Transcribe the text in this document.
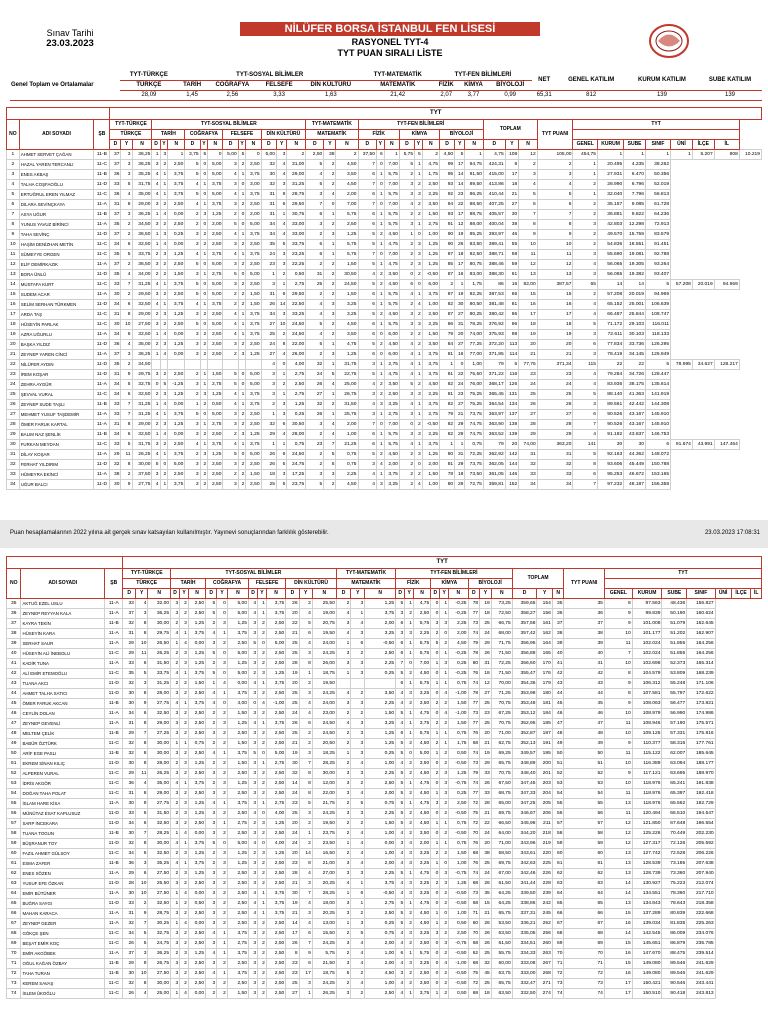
Sınav Tarihi
23.03.2023
NİLÜFER BORSA İSTANBUL FEN LİSESİ
RASYONEL TYT-4
TYT PUAN SIRALI LİSTE
Genel Toplam ve Ortalamalar	TYT-TÜRKÇE	TYT-SOSYAL BİLİMLER				TYT-MATEMATİK	TYT-FEN BİLİMLERİ			NET	GENEL KATILIM	KURUM KATILIM	SUBE KATILIM
	TÜRKÇE	TARİH	COĞRAFYA	FELSEFE	DİN KÜLTÜRÜ	MATEMATİK	FİZİK	KİMYA	BİYOLOJİ				
	28,09	1,45	2,56	3,33	1,63	21,42	2,07	3,77	0,99	65,31	812	139	139
			TYT																																						
NO	ADI SOYADI	ŞB	TYT-TÜRKÇE			TYT-SOSYAL BİLİMLER												TYT-MATEMATİK			TYT-FEN BİLİMLERİ									TOPLAM			TYT PUANI	TYT							
			TÜRKÇE			TARİH			COĞRAFYA			FELSEFE			DİN KÜLTÜRÜ			MATEMATİK			FİZİK			KİMYA			BİYOLOJİ														
			D	Y	N	D	Y	N	D	Y	N	D	Y	N	D	Y	N	D	Y	N	D	Y	N	D	Y	N	D	Y	N	D	Y	N		GENEL	KURUM	SUBE	SINIF	ÜNİ	İLÇE	İL	
1	AHMET SERVET ÇAĞAN	11-B	37	3	36,25	1	3	1	3,75	5	0	5,00	5	0	5,00	3	2	2,50	38	2	37,50	6	1	5,75	5	2	4,50	5	1	4,75	108	12	105,00	454,75	1	1	1	1	5.207	808	10.219
2	HAZAL YAREN TERCANLI	11-C	37	3	36,25	3	2	2,50	5	0	5,00	3	2	2,50	32	4	31,00	5	2	4,50	7	0	7,00	5	1	4,75	99	17	94,75	424,31	8	2	2	1	20.495	4.235	38.262				
3	ENES AKBAŞ	11-B	36	3	35,25	4	1	3,75	5	0	5,00	4	1	3,75	30	4	29,00	4	2	3,50	6	1	5,75	2	1	1,75	95	14	91,50	415,00	17	3	3	1	27.931	6.470	50.356				
4	TALHA COŞFAOĞLU	11-D	33	5	31,75	4	1	3,75	4	1	3,75	3	0	3,00	32	3	31,25	5	2	4,50	7	0	7,00	3	2	2,50	93	14	89,50	413,86	18	4	4	2	28.990	6.796	52.019				
5	ERTUĞRUL EREN YILMAZ	11-C	36	4	35,00	4	1	3,75	5	0	5,00	4	1	3,75	31	9	28,75	3	4	2,00	6	1	5,75	3	3	2,25	92	23	86,25	410,44	21	5	5	1	32.040	7.796	56.813				
6	DILARA SEVİNÇKAYA	11-A	31	8	29,00	3	2	2,50	4	1	3,75	3	2	2,50	31	6	29,50	7	0	7,00	7	0	7,00	4	2	3,50	94	22	88,50	407,25	27	6	6	2	35.157	9.085	61.728				
7	ASYA UĞUR	11-B	37	3	36,25	1	4	0,00	2	3	1,25	2	0	2,00	31	1	30,75	6	1	5,75	6	1	5,75	2	2	1,50	93	17	88,75	405,57	30	7	7	2	36.881	9.822	64.236				
8	YUNUS YAVUZ BİRİNCİ	11-A	35	2	34,50	3	2	2,50	2	0	2,00	5	0	5,00	34	4	33,00	3	2	2,50	6	1	5,75	3	1	2,75	91	12	88,00	400,04	38	8	8	3	42.803	12.298	72.913				
9	TAHA SEVİNÇ	11-D	37	2	36,50	1	3	0,25	3	2	2,50	4	1	3,75	34	4	33,00	2	3	1,25	5	2	4,50	1	0	1,00	90	19	85,25	393,97	46	9	9	2	49.570	15.759	83.579				
10	HAŞİM DENİZHAN METİN	11-C	34	6	32,50	1	4	0,00	3	2	2,50	3	2	2,50	35	5	33,75	6	1	5,75	5	1	4,75	2	3	1,25	90	26	83,50	389,41	55	10	10	2	54.836	18.551	91.451				
11	SÜMEYYE ORGEN	11-C	35	5	33,75	2	3	1,25	4	1	3,75	4	1	3,75	24	3	23,25	6	1	5,75	7	0	7,00	2	3	1,25	87	18	82,50	388,71	58	11	11	3	55.690	19.081	92.788				
12	ELİF DEMİRKAZIK	11-A	37	2	36,50	3	2	2,50	5	0	5,00	3	2	2,50	23	3	22,25	2	2	1,50	5	1	4,75	2	3	1,25	85	17	80,75	388,46	59	12	12	4	56.065	19.305	93.264				
13	BORA ÜNLÜ	11-D	35	4	34,00	2	2	1,50	3	1	2,75	5	0	5,00	1	2	0,50	31	2	30,50	4	2	3,50	0	2	-0,50	87	16	83,00	388,30	61	13	13	3	56.065	19.382	93.407				
14	MUSTAFA KURT	11-C	33	7	31,25	4	1	3,75	5	0	5,00	3	2	2,50	3	1	2,75	25	2	24,50	5	2	4,50	6	0	6,00	2	1	1,75	86	16	82,00	387,57	65	14	14	5	57.208	20.019	94.969	
15	SUDEM ACAR	11-A	30	2	29,50	3	2	2,50	5	0	5,00	2	2	1,50	31	6	29,50	2	2	1,50	6	1	5,75	4	1	3,75	87	19	82,25	387,53	66	15	15	2	57.208	20.019	94.969				
16	SELİM SERHAN TÜRKMEN	11-D	34	6	32,50	4	1	3,75	4	1	3,75	2	2	1,50	26	14	22,50	4	3	3,25	6	1	5,75	2	4	1,00	82	30	80,50	381,48	81	16	16	4	65.152	25.001	106.639				
17	ARDA TAŞ	11-C	31	8	29,00	2	3	1,25	3	2	2,50	4	1	3,75	34	3	33,25	4	3	3,25	5	2	4,50	3	2	2,50	87	27	80,25	380,42	86	17	17	4	66.487	25.844	108.747				
18	HÜSEYİN PARLAK	11-C	30	10	27,50	3	2	2,50	5	0	5,00	4	1	3,75	27	10	24,50	5	2	4,50	6	1	5,75	3	3	2,25	86	31	78,25	376,92	96	18	18	5	71.172	29.103	116.011				
19	AZRA UĞURLU	11-A	34	6	32,50	1	4	0,00	3	2	2,50	4	1	3,75	25	2	24,50	4	2	3,50	6	0	6,00	2	2	1,50	79	20	74,00	375,93	98	19	19	3	72.611	30.103	118.133				
20	BAŞKA YILDIZ	11-D	36	4	35,00	2	3	1,25	3	2	2,50	3	2	2,50	24	8	22,00	5	1	4,75	5	2	4,50	4	2	3,50	84	27	77,25	372,20	113	20	20	6	77.834	33.736	126.295				
21	ZEYNEP YAREN CİNCİ	11-A	37	3	36,25	1	4	0,00	3	2	2,50	2	3	1,25	27	4	26,00	2	3	1,25	6	0	6,00	4	1	3,75	81	16	77,00	371,85	114	21	21	3	78.419	34.145	126.949				
22	NİLÜFER AYDIN	11-D	35	2	34,50										4	0	4,00	32	1	31,75	3	1	2,75	4	1	3,75	1	0	1,00	79	5	77,75	371,34	115	22	22	5	78.995	34.627	128.217	
23	İREM KOŞAR	11-D	31	9	29,75	3	2	2,50	2	1	1,50	5	0	5,00	3	1	2,75	24	5	22,75	5	1	4,75	4	1	3,75	81	22	75,50	371,22	116	23	23	4	79.284	34.726	128.447				
24	ZEHRA AYGÜR	11-A	34	5	32,75	0	5	-1,25	3	1	2,75	5	0	5,00	3	2	2,50	26	4	25,00	4	2	3,50	5	2	4,50	82	24	76,00	368,17	126	24	24	4	83.936	38.175	135.614				
25	ŞEVVAL VURAL	11-C	34	6	32,50	2	3	1,25	2	3	1,25	4	1	3,75	3	1	2,75	27	1	26,75	3	2	2,50	3	3	2,25	81	23	75,25	365,45	131	25	25	5	88.140	41.363	141.919				
26	ZEYNEP SUDE TAŞLI	11-B	33	7	31,25	1	4	0,00	1	2	0,50	4	1	3,75	2	3	1,25	32	2	31,50	4	3	3,25	4	1	3,75	82	27	75,25	364,54	134	26	26	3	89.561	42.442	144.308				
27	MEHMET YUSUF TAŞDEMİR	11-A	33	7	31,25	4	1	3,75	5	0	5,00	3	2	2,50	1	3	0,25	26	1	25,75	3	1	2,75	3	1	2,75	79	21	73,75	363,97	137	27	27	6	90.526	43.167	145.910				
28	ÖMER FARUK KARTAL	11-A	31	8	29,00	2	3	1,25	3	1	2,75	3	2	2,50	32	6	30,50	3	4	2,00	7	0	7,00	0	2	-0,50	82	29	74,75	363,90	138	28	28	7	90.526	43.167	145.910				
29	BALIM NAZ ŞENLİK	11-B	34	6	32,50	1	4	0,00	3	2	2,50	2	3	1,25	29	4	28,00	2	4	1,00	6	1	5,75	3	3	2,25	82	29	74,75	363,52	139	29	29	4	91.182	43.637	146.753				
30	FURKAN MEYDAN	11-C	33	5	31,75	3	2	2,50	4	1	3,75	4	1	3,75	1	1	0,75	23	7	21,25	6	1	5,75	4	1	3,75	1	1	0,75	79	20	74,00	363,20	141	30	30	6	91.674	43.991	147.464	
31	DİLAY KOŞAR	11-A	29	11	26,25	4	1	3,75	2	3	1,25	5	0	5,00	26	6	24,50	2	5	0,75	5	2	4,50	2	3	1,25	80	31	72,25	362,92	142	31	31	5	92.163	44.362	148.072				
32	FERHAT YILDIRIM	11-D	32	8	30,00	5	0	5,00	3	2	2,50	3	2	2,50	26	5	24,75	2	5	0,75	3	4	2,00	2	0	2,00	81	29	73,75	362,05	144	32	32	8	93.606	45.449	150.788				
33	HÜMEYRA EKİNCİ	11-A	38	2	37,50	3	2	2,50	3	2	2,50	2	2	1,50	18	3	17,25	3	3	2,25	4	1	3,75	2	2	1,50	78	18	73,50	361,05	146	33	33	6	95.253	46.672	153.165				
34	UĞUR BALCI	11-D	30	9	27,75	4	1	3,75	3	2	2,50	3	2	2,50	25	5	23,75	5	2	4,50	4	3	3,25	2	4	1,00	80	29	72,75	359,81	152	34	34	7	97.232	48.187	156.358				
Puan hesaplamalarının 2022 yılına ait gerçek sınav katsayıları kullanılmıştır. Yayınevi sonuçlarından farklılık gösterebilir.	23.03.2023 17:08:31
			TYT																																					
NO	ADI SOYADI	ŞB	TYT-TÜRKÇE			TYT-SOSYAL BİLİMLER												TYT-MATEMATİK			TYT-FEN BİLİMLERİ									TOPLAM			TYT PUANI	TYT						
			TÜRKÇE			TARİH			COĞRAFYA			FELSEFE			DİN KÜLTÜRÜ			MATEMATİK			FİZİK			KİMYA			BİYOLOJİ													
			D	Y	N	D	Y	N	D	Y	N	D	Y	N	D	Y	N	D	Y	N	D	Y	N	D	Y	N	D	Y	N	D	Y	N		GENEL	KURUM	SUBE	SINIF	ÜNİ	İLÇE	İL
35	AKTUĞ EZEL USLU	11-A	33	4	32,00	3	2	2,50	5	0	5,00	4	1	3,75	26	2	25,50	2	3	1,25	5	1	4,75	0	1	-0,25	78	19	73,25	359,65	154	35	35	8	97.563	48.436	156.827			
36	ZEYNEP REYYAN KALA	11-A	37	3	36,25	3	2	2,50	5	0	5,00	4	1	3,75	20	4	19,00	4	1	3,75	3	2	2,50	0	1	-0,25	77	18	72,50	358,27	156	36	36	9	99.839	50.190	160.624			
37	KAYRA TEKİN	11-B	32	8	30,00	2	3	1,25	2	3	1,25	3	2	2,50	22	5	20,75	3	4	2,00	6	1	5,75	3	3	2,25	73	25	66,75	357,58	161	37	37	9	101.008	51.079	162.645			
38	HÜSEYİN KARA	11-A	31	8	29,75	4	1	3,75	4	1	3,75	3	2	2,50	21	6	19,50	4	3	3,25	3	3	2,25	2	0	2,00	74	24	68,00	357,42	162	38	38	10	101.177	51.202	162.907			
39	SERHAT SAUR	11-A	29	10	26,50	1	4	0,00	3	2	2,50	5	0	5,00	25	4	24,00	1	6	-0,50	6	1	5,75	5	2	4,50	79	29	71,75	356,95	164	39	39	11	102.024	51.855	164.256			
40	HÜSEYİN ALİ İNEBOLU	11-C	29	11	26,25	2	3	1,25	5	0	5,00	3	2	2,50	25	3	24,25	3	2	2,50	6	1	5,75	0	1	-0,25	78	26	71,50	356,88	165	40	40	7	102.024	51.855	164.256			
41	KADİR TUNA	11-A	33	6	31,50	2	3	1,25	2	3	1,25	3	2	2,50	28	8	26,00	3	3	2,25	7	0	7,00	1	3	0,25	80	31	72,25	356,60	170	41	41	10	102.698	52.373	165.314			
42	ALİ EMİR ETEMOĞLU	11-C	35	5	33,75	4	1	3,75	5	0	5,00	2	3	1,25	19	1	18,75	1	3	0,25	5	2	4,50	0	1	-0,25	76	18	71,50	355,47	176	42	42	8	104.579	53.809	168.239			
43	TUANA AKCI	11-D	32	3	31,25	2	2	1,50	1	4	0,00	4	1	3,75	20	2	19,50				6	1	5,75	1	1	0,75	74	12	70,00	354,36	179	43	43	9	106.312	55.248	171.106			
44	AHMET TALHA SATICI	11-D	30	8	28,00	3	2	2,50	4	1	3,75	3	2	2,50	25	3	24,25	4	2	3,50	4	3	3,25	0	4	-1,00	78	27	71,25	353,98	180	44	44	8	107.581	55.797	172.622			
45	ÖMER FARUK AKCAN	11-B	30	9	27,75	4	1	3,75	4	0	4,00	0	4	-1,00	25	4	24,00	3	3	2,25	4	2	3,50	2	2	1,50	77	25	70,75	353,48	181	45	45	9	108.063	56.477	173.821			
46	CEYLİN DOLAN	11-A	34	6	32,50	3	2	2,50	2	2	1,50	3	2	2,50	24	4	23,00	2	2	1,50	5	1	4,75	0	4	-1,00	73	23	67,25	353,12	184	46	46	10	108.979	56.990	174.986			
47	ZEYNEP GEVENLİ	11-A	31	8	29,00	3	2	2,50	2	3	1,25	4	1	3,75	26	6	24,50	4	3	3,25	4	1	3,75	2	2	1,50	77	25	70,75	352,95	185	47	47	11	108.946	57.190	175.571			
48	MELTEM ÇELİK	11-B	29	7	27,25	3	2	2,50	3	2	2,50	3	2	2,50	25	2	24,50	2	3	1,25	6	1	5,75	1	1	0,75	76	20	71,00	352,87	187	48	48	10	109.125	57.331	175.816			
49	BABÜR ÖZTÜRK	11-C	32	8	30,00	1	1	0,75	2	2	1,50	3	2	2,50	21	2	20,50	2	3	1,25	5	2	4,50	2	1	1,75	68	21	62,75	352,13	191	49	49	9	110.377	58.316	177.761			
50	ARİF EGE PASLI	11-B	32	8	30,00	3	2	2,50	4	1	3,75	5	0	5,00	19	3	18,25	1	3	0,25	5	0	5,00	1	2	0,50	74	19	69,25	349,57	195	50	50	11	115.122	62.007	185.645			
51	EKREM SİNAN KILIÇ	11-D	30	8	28,00	2	3	1,25	2	2	1,50	3	1	2,75	30	7	28,25	2	4	1,00	4	2	3,50	0	2	-0,50	73	29	65,75	348,89	200	51	51	10	116.389	63.094	188.177			
52	ALPEREN VURAL	11-C	29	11	26,25	3	2	2,50	3	2	2,50	3	2	2,50	32	8	30,00	3	3	2,25	5	2	4,50	2	3	1,25	79	33	70,75	348,40	201	52	52	9	117.121	63.695	188.970			
53	İDRİS AKGÖR	11-C	36	4	35,00	4	1	3,75	2	3	1,25	3	2	2,50	14	8	12,00	3	2	2,50	5	1	4,75	0	3	-0,75	74	26	67,50	347,45	203	53	53	10	118.976	65.241	191.838			
54	DOĞAN TAHA POLAT	11-C	31	8	29,00	3	2	2,50	3	2	2,50	3	2	2,50	24	8	22,00	3	4	2,00	5	2	4,50	1	3	0,25	77	33	68,75	347,33	204	54	54	11	118.976	65.397	192.418			
55	İSLAM HARE KİSA	11-A	30	9	27,75	2	3	1,25	4	1	3,75	3	1	2,75	23	5	21,75	2	5	0,75	5	1	4,75	3	2	2,50	72	28	65,00	347,25	205	55	55	13	118.976	65.562	192.729			
56	MÜNÜTAZ ESAT KAPLUSUZ	11-D	33	6	31,50	2	3	1,25	3	2	2,50	4	0	4,00	25	3	24,25	3	3	2,25	5	2	4,50	0	2	-0,50	75	21	69,75	346,67	206	56	56	11	120.494	66.510	194.547			
57	SARP İNCEKARA	11-D	34	6	32,50	3	2	2,50	3	1	2,75	2	3	1,25	20	2	19,50	2	2	1,50	5	2	4,50	1	1	0,75	72	22	66,50	345,98	211	57	57	12	121.850	67.648	196.554			
58	TUANA TOGUN	11-B	30	7	28,25	1	4	0,00	3	2	2,50	3	2	2,50	24	1	23,75	2	4	1,00	4	2	3,50	0	2	-0,50	70	24	64,00	344,20	218	58	58	12	125.226	70.449	202.230			
59	BÜŞRANUR TOY	11-D	32	8	30,00	4	1	3,75	5	0	5,00	4	0	4,00	24	2	23,50	1	4	0,00	3	4	2,00	1	1	0,75	76	20	71,00	343,96	219	59	59	12	127.317	72.126	205.592			
60	FAZIL AHMET GÜLSOY	11-C	34	6	32,50	2	3	1,25	2	3	1,25	2	3	1,25	20	14	16,50	2	4	1,00	4	3	3,25	2	2	1,50	68	38	58,50	343,61	220	60	60	13	127.742	72.528	206.226			
61	ESMA ZAFER	11-B	36	3	35,25	4	1	3,75	2	3	1,25	3	2	2,50	23	8	21,00	3	4	2,00	4	3	3,25	1	0	1,00	76	25	69,75	342,63	225	61	61	13	128.539	73.185	207.638			
62	ENES SÖZEN	11-A	29	6	27,50	2	3	1,25	3	2	2,50	3	2	2,50	28	4	27,00	3	3	2,25	5	1	4,75	0	3	-0,75	74	24	67,00	342,46	226	62	62	13	128.739	73.360	207.940			
63	YUSUF EFE ÖZKAN	11-D	28	10	25,50	3	2	2,50	3	2	2,50	3	2	2,50	21	3	20,25	4	1	3,75	4	3	3,25	2	3	1,25	68	26	61,50	341,44	228	63	63	14	130.927	75.223	212.074			
64	EMİR BÜTÜNER	11-A	30	10	27,50	1	4	0,00	3	2	2,50	4	1	3,75	30	7	28,25	1	6	-0,50	4	3	3,25	0	2	-0,50	73	35	64,25	339,50	239	64	64	14	134.551	78.360	217.710			
65	BUĞRA SAYGI	11-D	33	2	32,50	1	2	0,50	3	2	2,50	4	1	3,75	19	4	18,00	3	1	2,75	5	1	4,75	0	2	-0,50	68	15	64,25	338,86	242	65	65	13	134.843	78.643	218.358			
66	MAHAN KARACA	11-A	31	9	28,75	3	2	2,50	3	2	2,50	4	1	3,75	21	3	20,25	3	2	2,50	5	2	4,50	1	0	1,00	71	21	65,75	337,31	245	66	66	15	137.289	80.839	222.668			
67	ZEYNEP GEZER	11-A	32	7	30,25	1	4	0,00	3	2	2,50	3	2	2,50	14	4	13,00	1	3	0,25	5	2	4,50	1	2	0,50	60	26	53,50	336,21	252	67	67	16	139.034	81.835	225.263			
68	GÖKÇE ŞEN	11-C	34	5	32,75	3	2	2,50	4	1	3,75	3	2	2,50	17	6	15,50	2	5	0,75	4	3	3,25	3	2	2,50	70	26	63,50	335,05	256	68	68	14	142.545	86.009	234.076			
69	BEŞAT EMİR KOÇ	11-C	26	5	24,75	3	2	2,50	3	1	2,75	3	2	2,50	26	7	24,25	3	4	2,00	4	2	3,50	0	3	-0,75	68	26	61,50	334,51	260	69	69	15	145.651	86.879	235.785			
70	EMİR AKGÖBEK	11-A	37	3	36,25	2	3	1,25	4	1	3,75	3	2	2,50	8	9	5,75	2	4	1,00	6	1	5,75	0	2	-0,50	62	25	55,75	334,33	263	70	70	16	147.670	88.475	239.514			
71	OĞUL KAĞAN ÖZBAY	11-B	29	9	26,75	3	2	2,50	3	2	2,50	3	2	2,50	23	6	21,50	3	4	2,00	4	3	3,25	0	4	-1,00	68	32	60,00	333,08	267	71	71	15	149.080	89.546	241.629			
72	TAHA TURAN	11-B	30	10	27,50	3	2	2,50	4	1	3,75	3	2	2,50	23	17	18,75	5	2	4,50	3	2	2,50	0	2	-0,50	75	45	63,75	333,00	268	72	72	16	149.080	89.546	241.629			
73	KEREM SAVAŞ	11-C	32	8	30,00	3	2	2,50	3	2	2,50	3	2	2,50	25	3	24,25	2	4	1,00	4	2	3,50	0	2	-0,50	72	25	65,75	332,47	271	73	73	17	150.421	90.546	243.441			
74	İSLEM ÜKOĞLU	11-C	26	4	25,00	1	4	0,00	2	2	1,50	3	2	2,50	27	1	26,25	3	2	2,50	4	1	3,75	1	2	0,50	68	18	63,50	332,50	274	74	74	17	150.510	90.418	243.813			
